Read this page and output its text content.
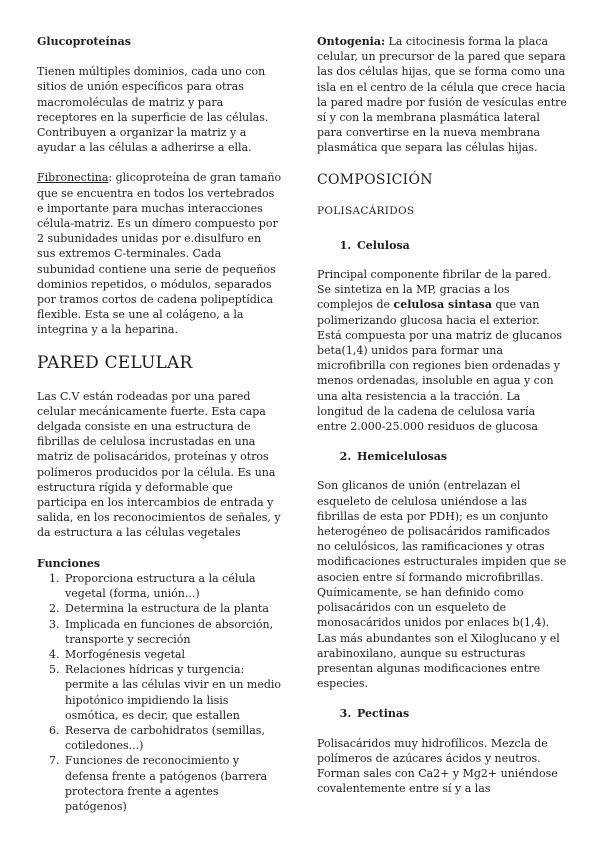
Glucoproteínas

Tienen múltiples dominios, cada uno con sitios de unión específicos para otras macromoléculas de matriz y para receptores en la superficie de las células. Contribuyen a organizar la matriz y a ayudar a las células a adherirse a ella.

Fibronectina: glicoproteína de gran tamaño que se encuentra en todos los vertebrados e importante para muchas interacciones célula-matriz. Es un dímero compuesto por 2 subunidades unidas por e.disulfuro en sus extremos C-terminales. Cada subunidad contiene una serie de pequeños dominios repetidos, o módulos, separados por tramos cortos de cadena polipeptídica flexible. Esta se une al colágeno, a la integrina y a la heparina.

PARED CELULAR

Las C.V están rodeadas por una pared celular mecánicamente fuerte. Esta capa delgada consiste en una estructura de fibrillas de celulosa incrustadas en una matriz de polisacáridos, proteínas y otros polímeros producidos por la célula. Es una estructura rígida y deformable que participa en los intercambios de entrada y salida, en los reconocimientos de señales, y da estructura a las células vegetales

Funciones
1. Proporciona estructura a la célula vegetal (forma, unión...)
2. Determina la estructura de la planta
3. Implicada en funciones de absorción, transporte y secreción
4. Morfogénesis vegetal
5. Relaciones hídricas y turgencia: permite a las células vivir en un medio hipotónico impidiendo la lisis osmótica, es decir, que estallen
6. Reserva de carbohidratos (semillas, cotiledones...)
7. Funciones de reconocimiento y defensa frente a patógenos (barrera protectora frente a agentes patógenos)

Ontogenia: La citocinesis forma la placa celular, un precursor de la pared que separa las dos células hijas, que se forma como una isla en el centro de la célula que crece hacia la pared madre por fusión de vesículas entre sí y con la membrana plasmática lateral para convertirse en la nueva membrana plasmática que separa las células hijas.

COMPOSICIÓN

POLISACÁRIDOS

1. Celulosa

Principal componente fibrilar de la pared. Se sintetiza en la MP, gracias a los complejos de celulosa sintasa que van polimerizando glucosa hacia el exterior. Está compuesta por una matriz de glucanos beta(1,4) unidos para formar una microfibrilla con regiones bien ordenadas y menos ordenadas, insoluble en agua y con una alta resistencia a la tracción. La longitud de la cadena de celulosa varía entre 2.000-25.000 residuos de glucosa

2. Hemicelulosas

Son glicanos de unión (entrelazan el esqueleto de celulosa uniéndose a las fibrillas de esta por PDH); es un conjunto heterogéneo de polisacáridos ramificados no celulósicos, las ramificaciones y otras modificaciones estructurales impiden que se asocien entre sí formando microfibrillas. Químicamente, se han definido como polisacáridos con un esqueleto de monosacáridos unidos por enlaces b(1,4). Las más abundantes son el Xiloglucano y el arabinoxilano, aunque su estructuras presentan algunas modificaciones entre especies.

3. Pectinas

Polisacáridos muy hidrofílicos. Mezcla de polímeros de azúcares ácidos y neutros. Forman sales con Ca2+ y Mg2+ uniéndose covalentemente entre sí y a las
